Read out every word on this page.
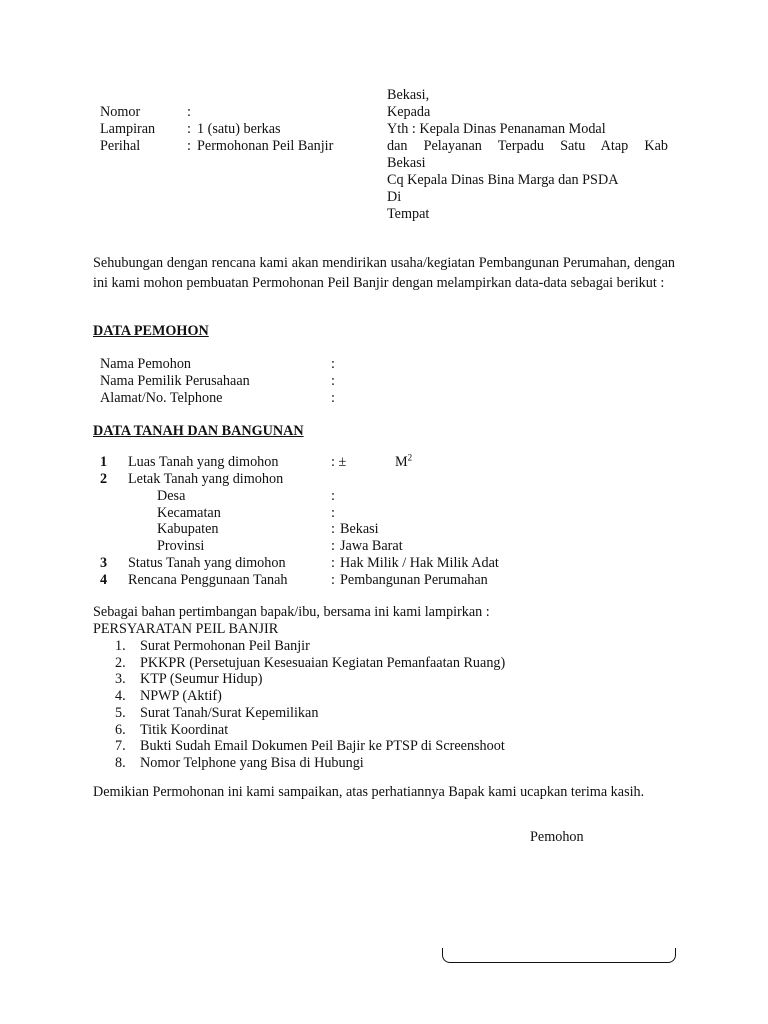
Nomor	:
Lampiran : 1 (satu) berkas
Perihal	: Permohonan Peil Banjir
Bekasi,
Kepada
Yth : Kepala Dinas Penanaman Modal
dan Pelayanan Terpadu Satu Atap Kab
Bekasi
Cq Kepala Dinas Bina Marga dan PSDA
Di
Tempat

Sehubungan dengan rencana kami akan mendirikan usaha/kegiatan Pembangunan Perumahan, dengan ini kami mohon pembuatan Permohonan Peil Banjir dengan melampirkan data-data sebagai berikut :

DATA PEMOHON
Nama Pemohon	:
Nama Pemilik Perusahaan	:
Alamat/No. Telphone	:
DATA TANAH DAN BANGUNAN
1 Luas Tanah yang dimohon	: ±	$M^2$
2 Letak Tanah yang dimohon
Desa	:
Kecamatan	:
Kabupaten	: Bekasi
Provinsi	: Jawa Barat
3 Status Tanah yang dimohon	: Hak Milik / Hak Milik Adat
4 Rencana Penggunaan Tanah	: Pembangunan Perumahan
Sebagai bahan pertimbangan bapak/ibu, bersama ini kami lampirkan :
PERSYARATAN PEIL BANJIR
1. Surat Permohonan Peil Banjir
2. PKKPR (Persetujuan Kesesuaian Kegiatan Pemanfaatan Ruang)
3. KTP (Seumur Hidup)
4. NPWP (Aktif)
5. Surat Tanah/Surat Kepemilikan
6. Titik Koordinat
7. Bukti Sudah Email Dokumen Peil Bajir ke PTSP di Screenshoot
8. Nomor Telphone yang Bisa di Hubungi

Demikian Permohonan ini kami sampaikan, atas perhatiannya Bapak kami ucapkan terima kasih.

Pemohon
